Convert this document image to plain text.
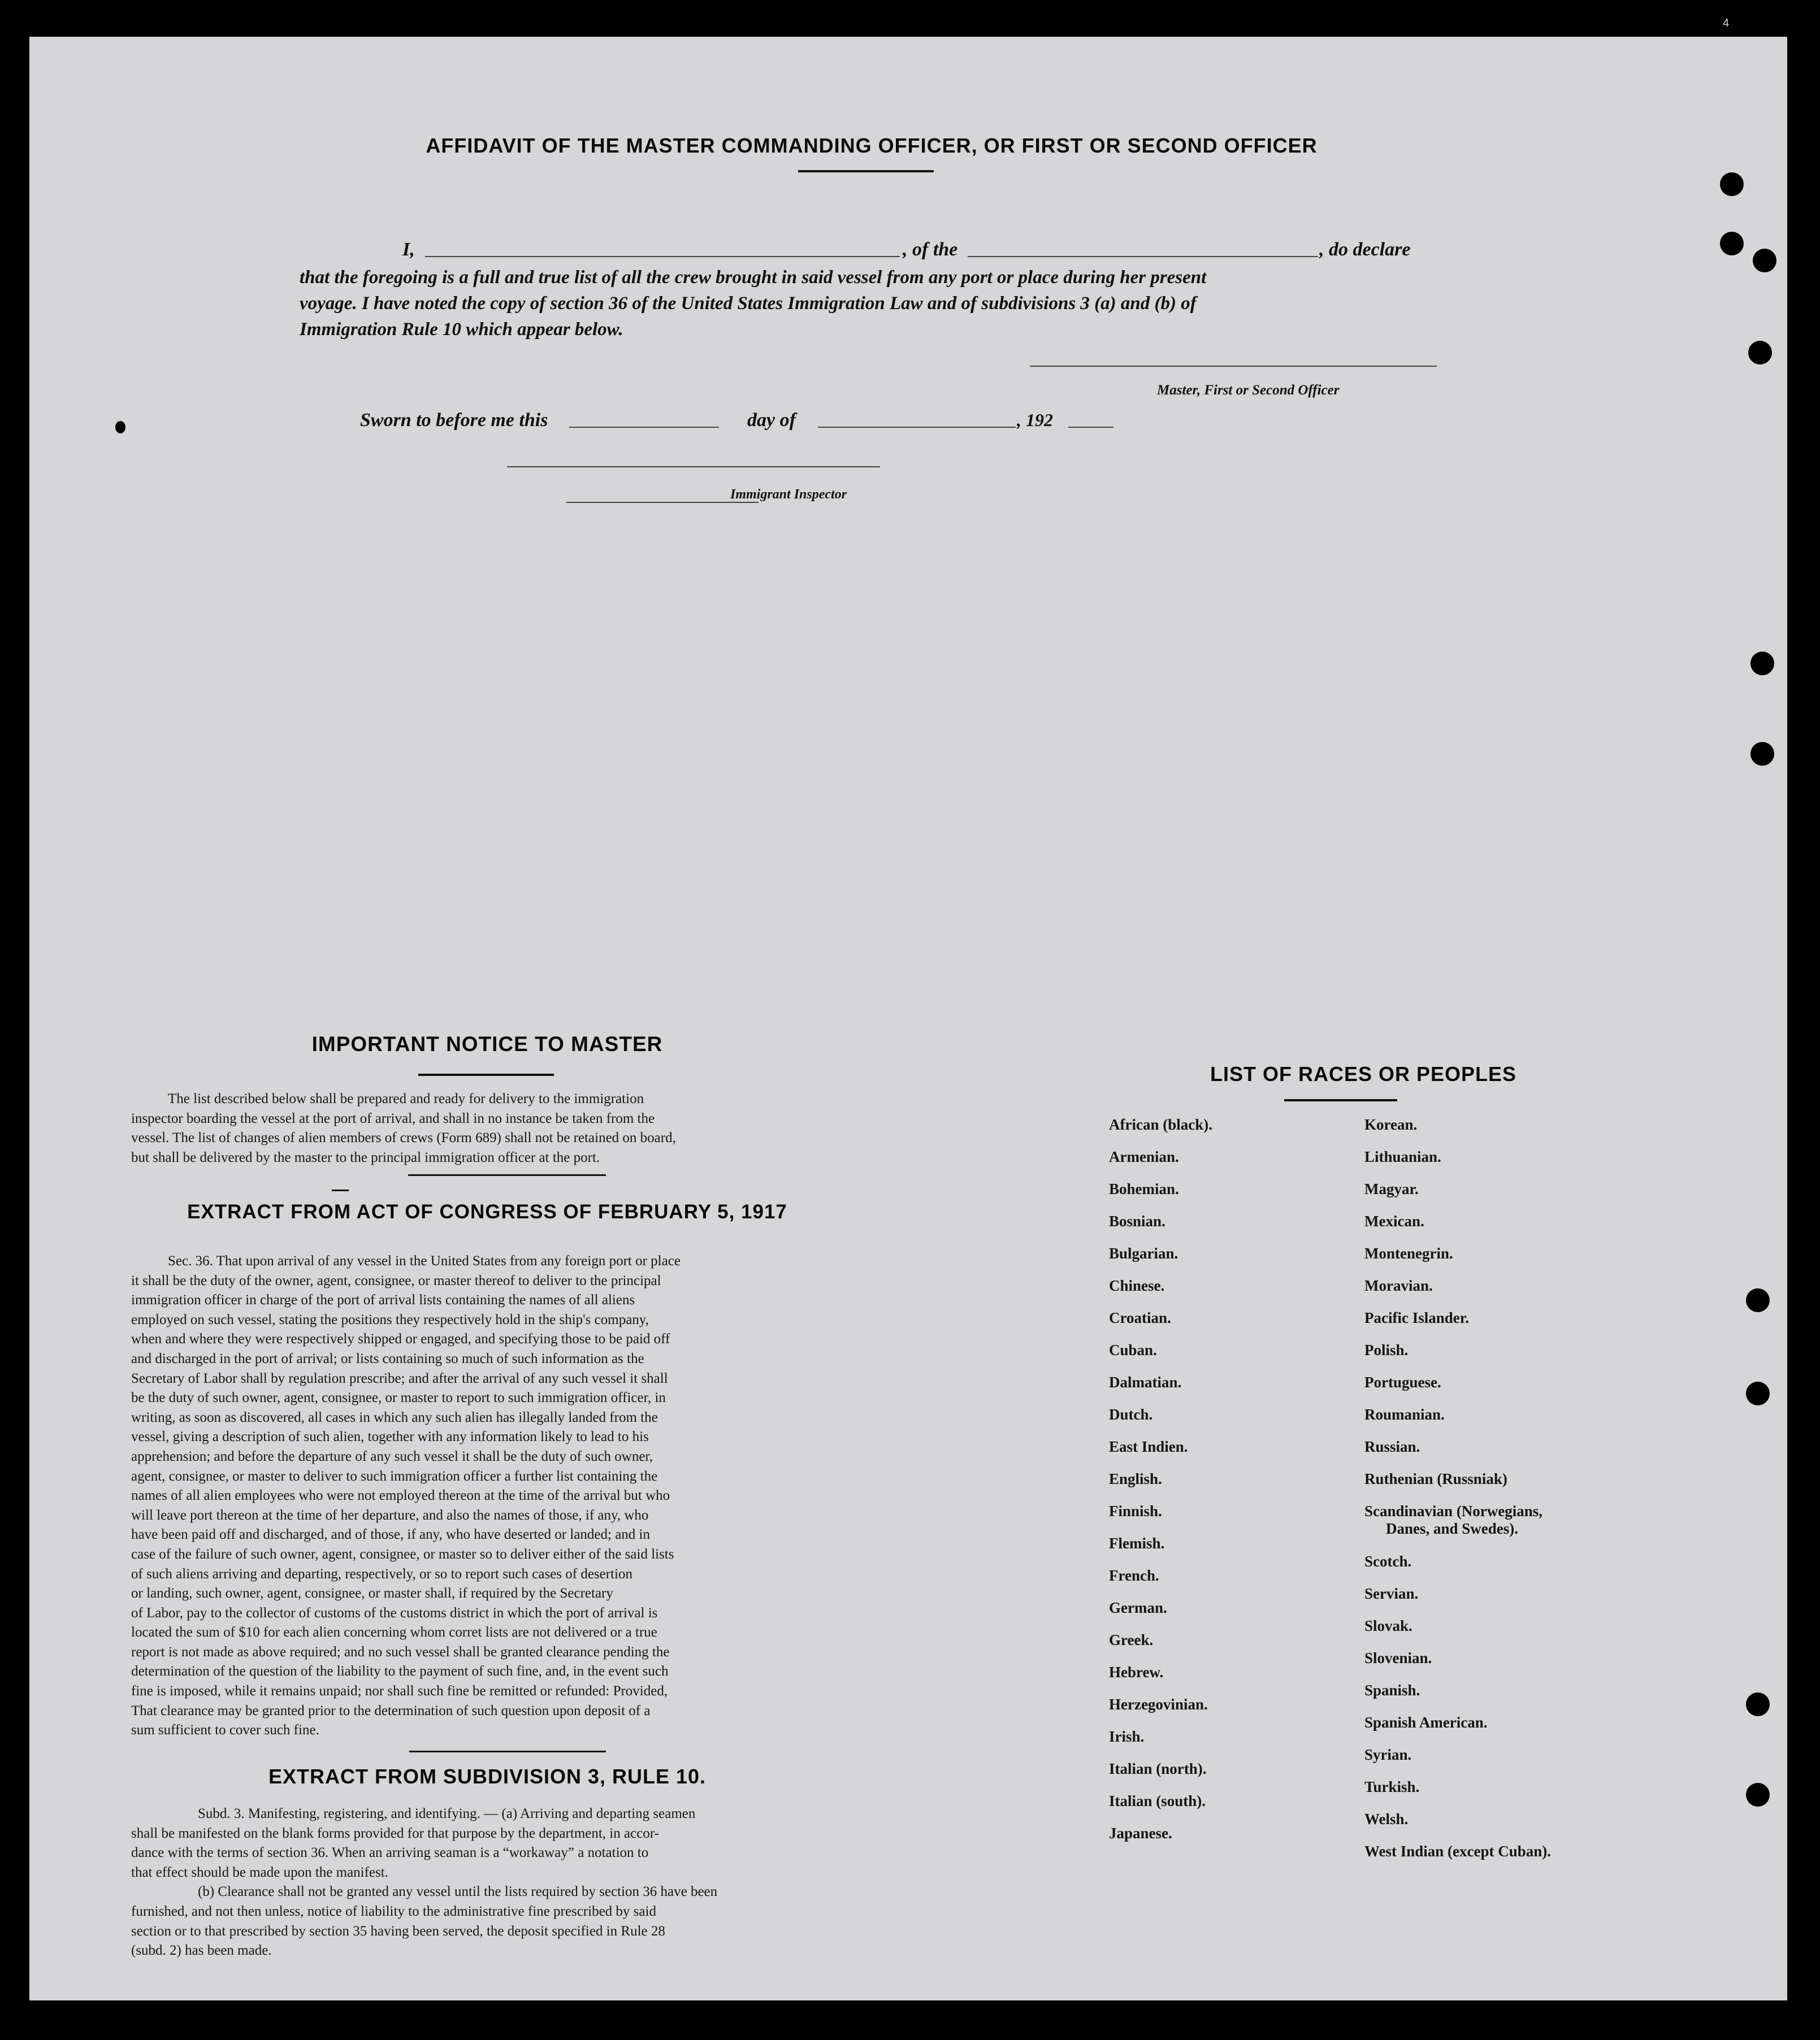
AFFIDAVIT OF THE MASTER COMMANDING OFFICER, OR FIRST OR SECOND OFFICER
I,	, of the	, do declare
that the foregoing is a full and true list of all the crew brought in said vessel from any port or place during her present
voyage. I have noted the copy of section 36 of the United States Immigration Law and of subdivisions 3 (a) and (b) of
Immigration Rule 10 which appear below.
Master, First or Second Officer
Sworn to before me this	day of	, 192
Immigrant Inspector
IMPORTANT NOTICE TO MASTER
The list described below shall be prepared and ready for delivery to the immigration
inspector boarding the vessel at the port of arrival, and shall in no instance be taken from the
vessel. The list of changes of alien members of crews (Form 689) shall not be retained on board,
but shall be delivered by the master to the principal immigration officer at the port.
EXTRACT FROM ACT OF CONGRESS OF FEBRUARY 5, 1917
Sec. 36. That upon arrival of any vessel in the United States from any foreign port or place
it shall be the duty of the owner, agent, consignee, or master thereof to deliver to the principal
immigration officer in charge of the port of arrival lists containing the names of all aliens
employed on such vessel, stating the positions they respectively hold in the ship's company,
when and where they were respectively shipped or engaged, and specifying those to be paid off
and discharged in the port of arrival; or lists containing so much of such information as the
Secretary of Labor shall by regulation prescribe; and after the arrival of any such vessel it shall
be the duty of such owner, agent, consignee, or master to report to such immigration officer, in
writing, as soon as discovered, all cases in which any such alien has illegally landed from the
vessel, giving a description of such alien, together with any information likely to lead to his
apprehension; and before the departure of any such vessel it shall be the duty of such owner,
agent, consignee, or master to deliver to such immigration officer a further list containing the
names of all alien employees who were not employed thereon at the time of the arrival but who
will leave port thereon at the time of her departure, and also the names of those, if any, who
have been paid off and discharged, and of those, if any, who have deserted or landed; and in
case of the failure of such owner, agent, consignee, or master so to deliver either of the said lists
of such aliens arriving and departing, respectively, or so to report such cases of desertion
or landing, such owner, agent, consignee, or master shall, if required by the Secretary
of Labor, pay to the collector of customs of the customs district in which the port of arrival is
located the sum of $10 for each alien concerning whom corret lists are not delivered or a true
report is not made as above required; and no such vessel shall be granted clearance pending the
determination of the question of the liability to the payment of such fine, and, in the event such
fine is imposed, while it remains unpaid; nor shall such fine be remitted or refunded: Provided,
That clearance may be granted prior to the determination of such question upon deposit of a
sum sufficient to cover such fine.
EXTRACT FROM SUBDIVISION 3, RULE 10.
Subd. 3. Manifesting, registering, and identifying. — (a) Arriving and departing seamen
shall be manifested on the blank forms provided for that purpose by the department, in accor-
dance with the terms of section 36. When an arriving seaman is a “workaway” a notation to
that effect should be made upon the manifest.
(b) Clearance shall not be granted any vessel until the lists required by section 36 have been
furnished, and not then unless, notice of liability to the administrative fine prescribed by said
section or to that prescribed by section 35 having been served, the deposit specified in Rule 28
(subd. 2) has been made.
LIST OF RACES OR PEOPLES
African (black).
Armenian.
Bohemian.
Bosnian.
Bulgarian.
Chinese.
Croatian.
Cuban.
Dalmatian.
Dutch.
East Indien.
English.
Finnish.
Flemish.
French.
German.
Greek.
Hebrew.
Herzegovinian.
Irish.
Italian (north).
Italian (south).
Japanese.
Korean.
Lithuanian.
Magyar.
Mexican.
Montenegrin.
Moravian.
Pacific Islander.
Polish.
Portuguese.
Roumanian.
Russian.
Ruthenian (Russniak)
Scandinavian (Norwegians,
Danes, and Swedes).
Scotch.
Servian.
Slovak.
Slovenian.
Spanish.
Spanish American.
Syrian.
Turkish.
Welsh.
West Indian (except Cuban).
4
